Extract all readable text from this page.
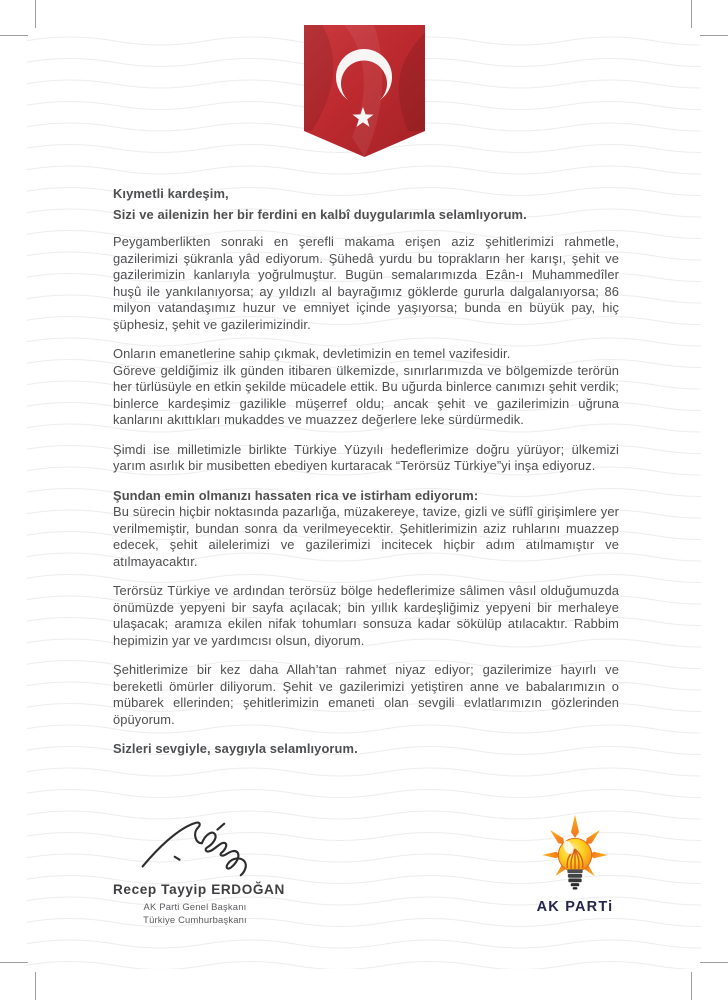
Kıymetli kardeşim,
Sizi ve ailenizin her bir ferdini en kalbî duygularımla selamlıyorum.

Peygamberlikten sonraki en şerefli makama erişen aziz şehitlerimizi rahmetle, gazilerimizi şükranla yâd ediyorum. Şühedâ yurdu bu toprakların her karışı, şehit ve gazilerimizin kanlarıyla yoğrulmuştur. Bugün semalarımızda Ezân-ı Muhammedîler huşû ile yankılanıyorsa; ay yıldızlı al bayrağımız göklerde gururla dalgalanıyorsa; 86 milyon vatandaşımız huzur ve emniyet içinde yaşıyorsa; bunda en büyük pay, hiç şüphesiz, şehit ve gazilerimizindir.

Onların emanetlerine sahip çıkmak, devletimizin en temel vazifesidir.
Göreve geldiğimiz ilk günden itibaren ülkemizde, sınırlarımızda ve bölgemizde terörün her türlüsüyle en etkin şekilde mücadele ettik. Bu uğurda binlerce canımızı şehit verdik; binlerce kardeşimiz gazilikle müşerref oldu; ancak şehit ve gazilerimizin uğruna kanlarını akıttıkları mukaddes ve muazzez değerlere leke sürdürmedik.

Şimdi ise milletimizle birlikte Türkiye Yüzyılı hedeflerimize doğru yürüyor; ülkemizi yarım asırlık bir musibetten ebediyen kurtaracak “Terörsüz Türkiye”yi inşa ediyoruz.

Şundan emin olmanızı hassaten rica ve istirham ediyorum:
Bu sürecin hiçbir noktasında pazarlığa, müzakereye, tavize, gizli ve süflî girişimlere yer verilmemiştir, bundan sonra da verilmeyecektir. Şehitlerimizin aziz ruhlarını muazzep edecek, şehit ailelerimizi ve gazilerimizi incitecek hiçbir adım atılmamıştır ve atılmayacaktır.

Terörsüz Türkiye ve ardından terörsüz bölge hedeflerimize sâlimen vâsıl olduğumuzda önümüzde yepyeni bir sayfa açılacak; bin yıllık kardeşliğimiz yepyeni bir merhaleye ulaşacak; aramıza ekilen nifak tohumları sonsuza kadar sökülüp atılacaktır. Rabbim hepimizin yar ve yardımcısı olsun, diyorum.

Şehitlerimize bir kez daha Allah’tan rahmet niyaz ediyor; gazilerimize hayırlı ve bereketli ömürler diliyorum. Şehit ve gazilerimizi yetiştiren anne ve babalarımızın o mübarek ellerinden; şehitlerimizin emaneti olan sevgili evlatlarımızın gözlerinden öpüyorum.

Sizleri sevgiyle, saygıyla selamlıyorum.

Recep Tayyip ERDOĞAN
AK Parti Genel Başkanı
Türkiye Cumhurbaşkanı
AK PARTi
